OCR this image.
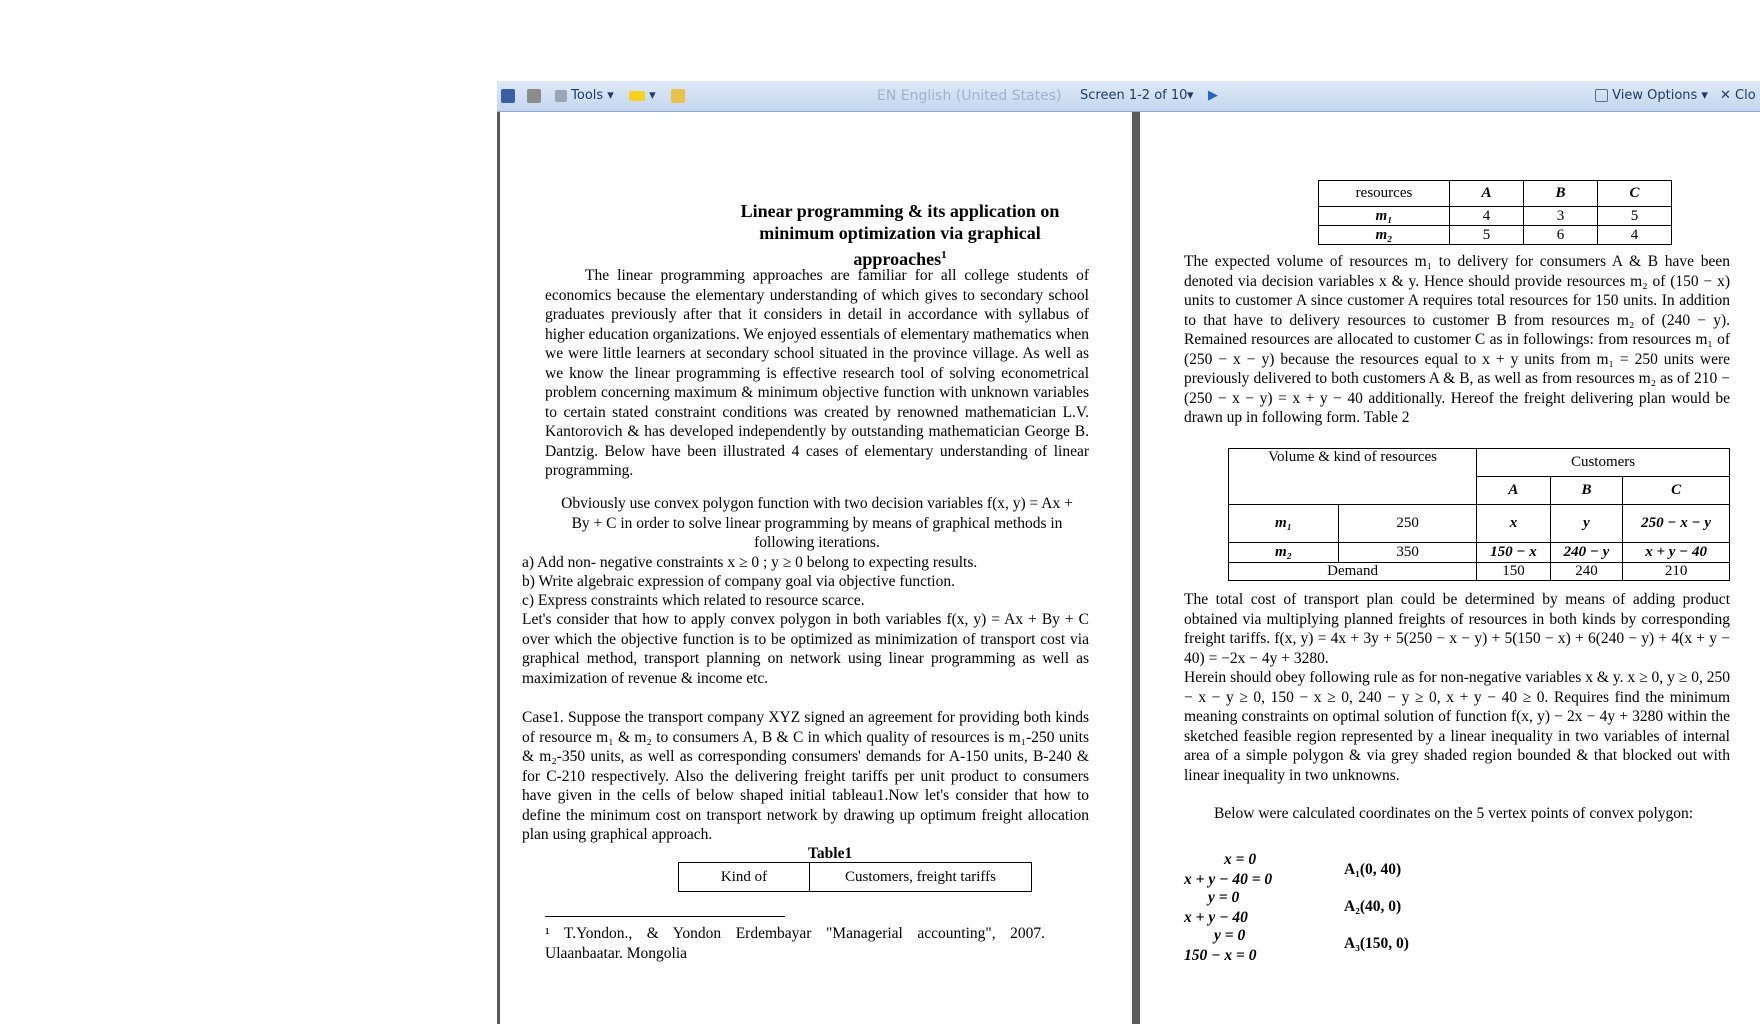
Tools ▾	▾	EN English (United States) Screen 1-2 of 10 ▾ ▶	View Options ▾ ✕ Clo
Linear programming & its application on minimum optimization via graphical approaches$^1$
The linear programming approaches are familiar for all college students of economics because the elementary understanding of which gives to secondary school graduates previously after that it considers in detail in accordance with syllabus of higher education organizations. We enjoyed essentials of elementary mathematics when we were little learners at secondary school situated in the province village. As well as we know the linear programming is effective research tool of solving econometrical problem concerning maximum & minimum objective function with unknown variables to certain stated constraint conditions was created by renowned mathematician L.V. Kantorovich & has developed independently by outstanding mathematician George B. Dantzig. Below have been illustrated 4 cases of elementary understanding of linear programming.
Obviously use convex polygon function with two decision variables f(x, y) = Ax + By + C in order to solve linear programming by means of graphical methods in following iterations.
a) Add non- negative constraints x ≥ 0 ; y ≥ 0 belong to expecting results.
b) Write algebraic expression of company goal via objective function.
c) Express constraints which related to resource scarce.
Let's consider that how to apply convex polygon in both variables f(x, y) = Ax + By + C over which the objective function is to be optimized as minimization of transport cost via graphical method, transport planning on network using linear programming as well as maximization of revenue & income etc.
Case1. Suppose the transport company XYZ signed an agreement for providing both kinds of resource m₁ & m₂ to consumers A, B & C in which quality of resources is m₁-250 units & m₂-350 units, as well as corresponding consumers' demands for A-150 units, B-240 & for C-210 respectively. Also the delivering freight tariffs per unit product to consumers have given in the cells of below shaped initial tableau1.Now let's consider that how to define the minimum cost on transport network by drawing up optimum freight allocation plan using graphical approach.
Table1
Kind of	Customers, freight tariffs
¹ T.Yondon., & Yondon Erdembayar "Managerial accounting", 2007. Ulaanbaatar. Mongolia
resources	A	B	C
m₁	4	3	5
m₂	5	6	4
The expected volume of resources m₁ to delivery for consumers A & B have been denoted via decision variables x & y. Hence should provide resources m₂ of (150 − x) units to customer A since customer A requires total resources for 150 units. In addition to that have to delivery resources to customer B from resources m₂ of (240 − y). Remained resources are allocated to customer C as in followings: from resources m₁ of (250 − x − y) because the resources equal to x + y units from m₁ = 250 units were previously delivered to both customers A & B, as well as from resources m₂ as of 210 − (250 − x − y) = x + y − 40 additionally. Hereof the freight delivering plan would be drawn up in following form. Table 2
Volume & kind of resources		Customers		
		A	B	C
m₁	250	x	y	250 − x − y
m₂	350	150 − x	240 − y	x + y − 40
Demand		150	240	210
The total cost of transport plan could be determined by means of adding product obtained via multiplying planned freights of resources in both kinds by corresponding freight tariffs. f(x, y) = 4x + 3y + 5(250 − x − y) + 5(150 − x) + 6(240 − y) + 4(x + y − 40) = −2x − 4y + 3280.
Herein should obey following rule as for non-negative variables x & y. x ≥ 0, y ≥ 0, 250 − x − y ≥ 0, 150 − x ≥ 0, 240 − y ≥ 0, x + y − 40 ≥ 0. Requires find the minimum meaning constraints on optimal solution of function f(x, y) − 2x − 4y + 3280 within the sketched feasible region represented by a linear inequality in two variables of internal area of a simple polygon & via grey shaded region bounded & that blocked out with linear inequality in two unknowns.
Below were calculated coordinates on the 5 vertex points of convex polygon:
x = 0
x + y − 40 = 0
A₁(0, 40)
y = 0
x + y − 40
A₂(40, 0)
y = 0
150 − x = 0
A₃(150, 0)
